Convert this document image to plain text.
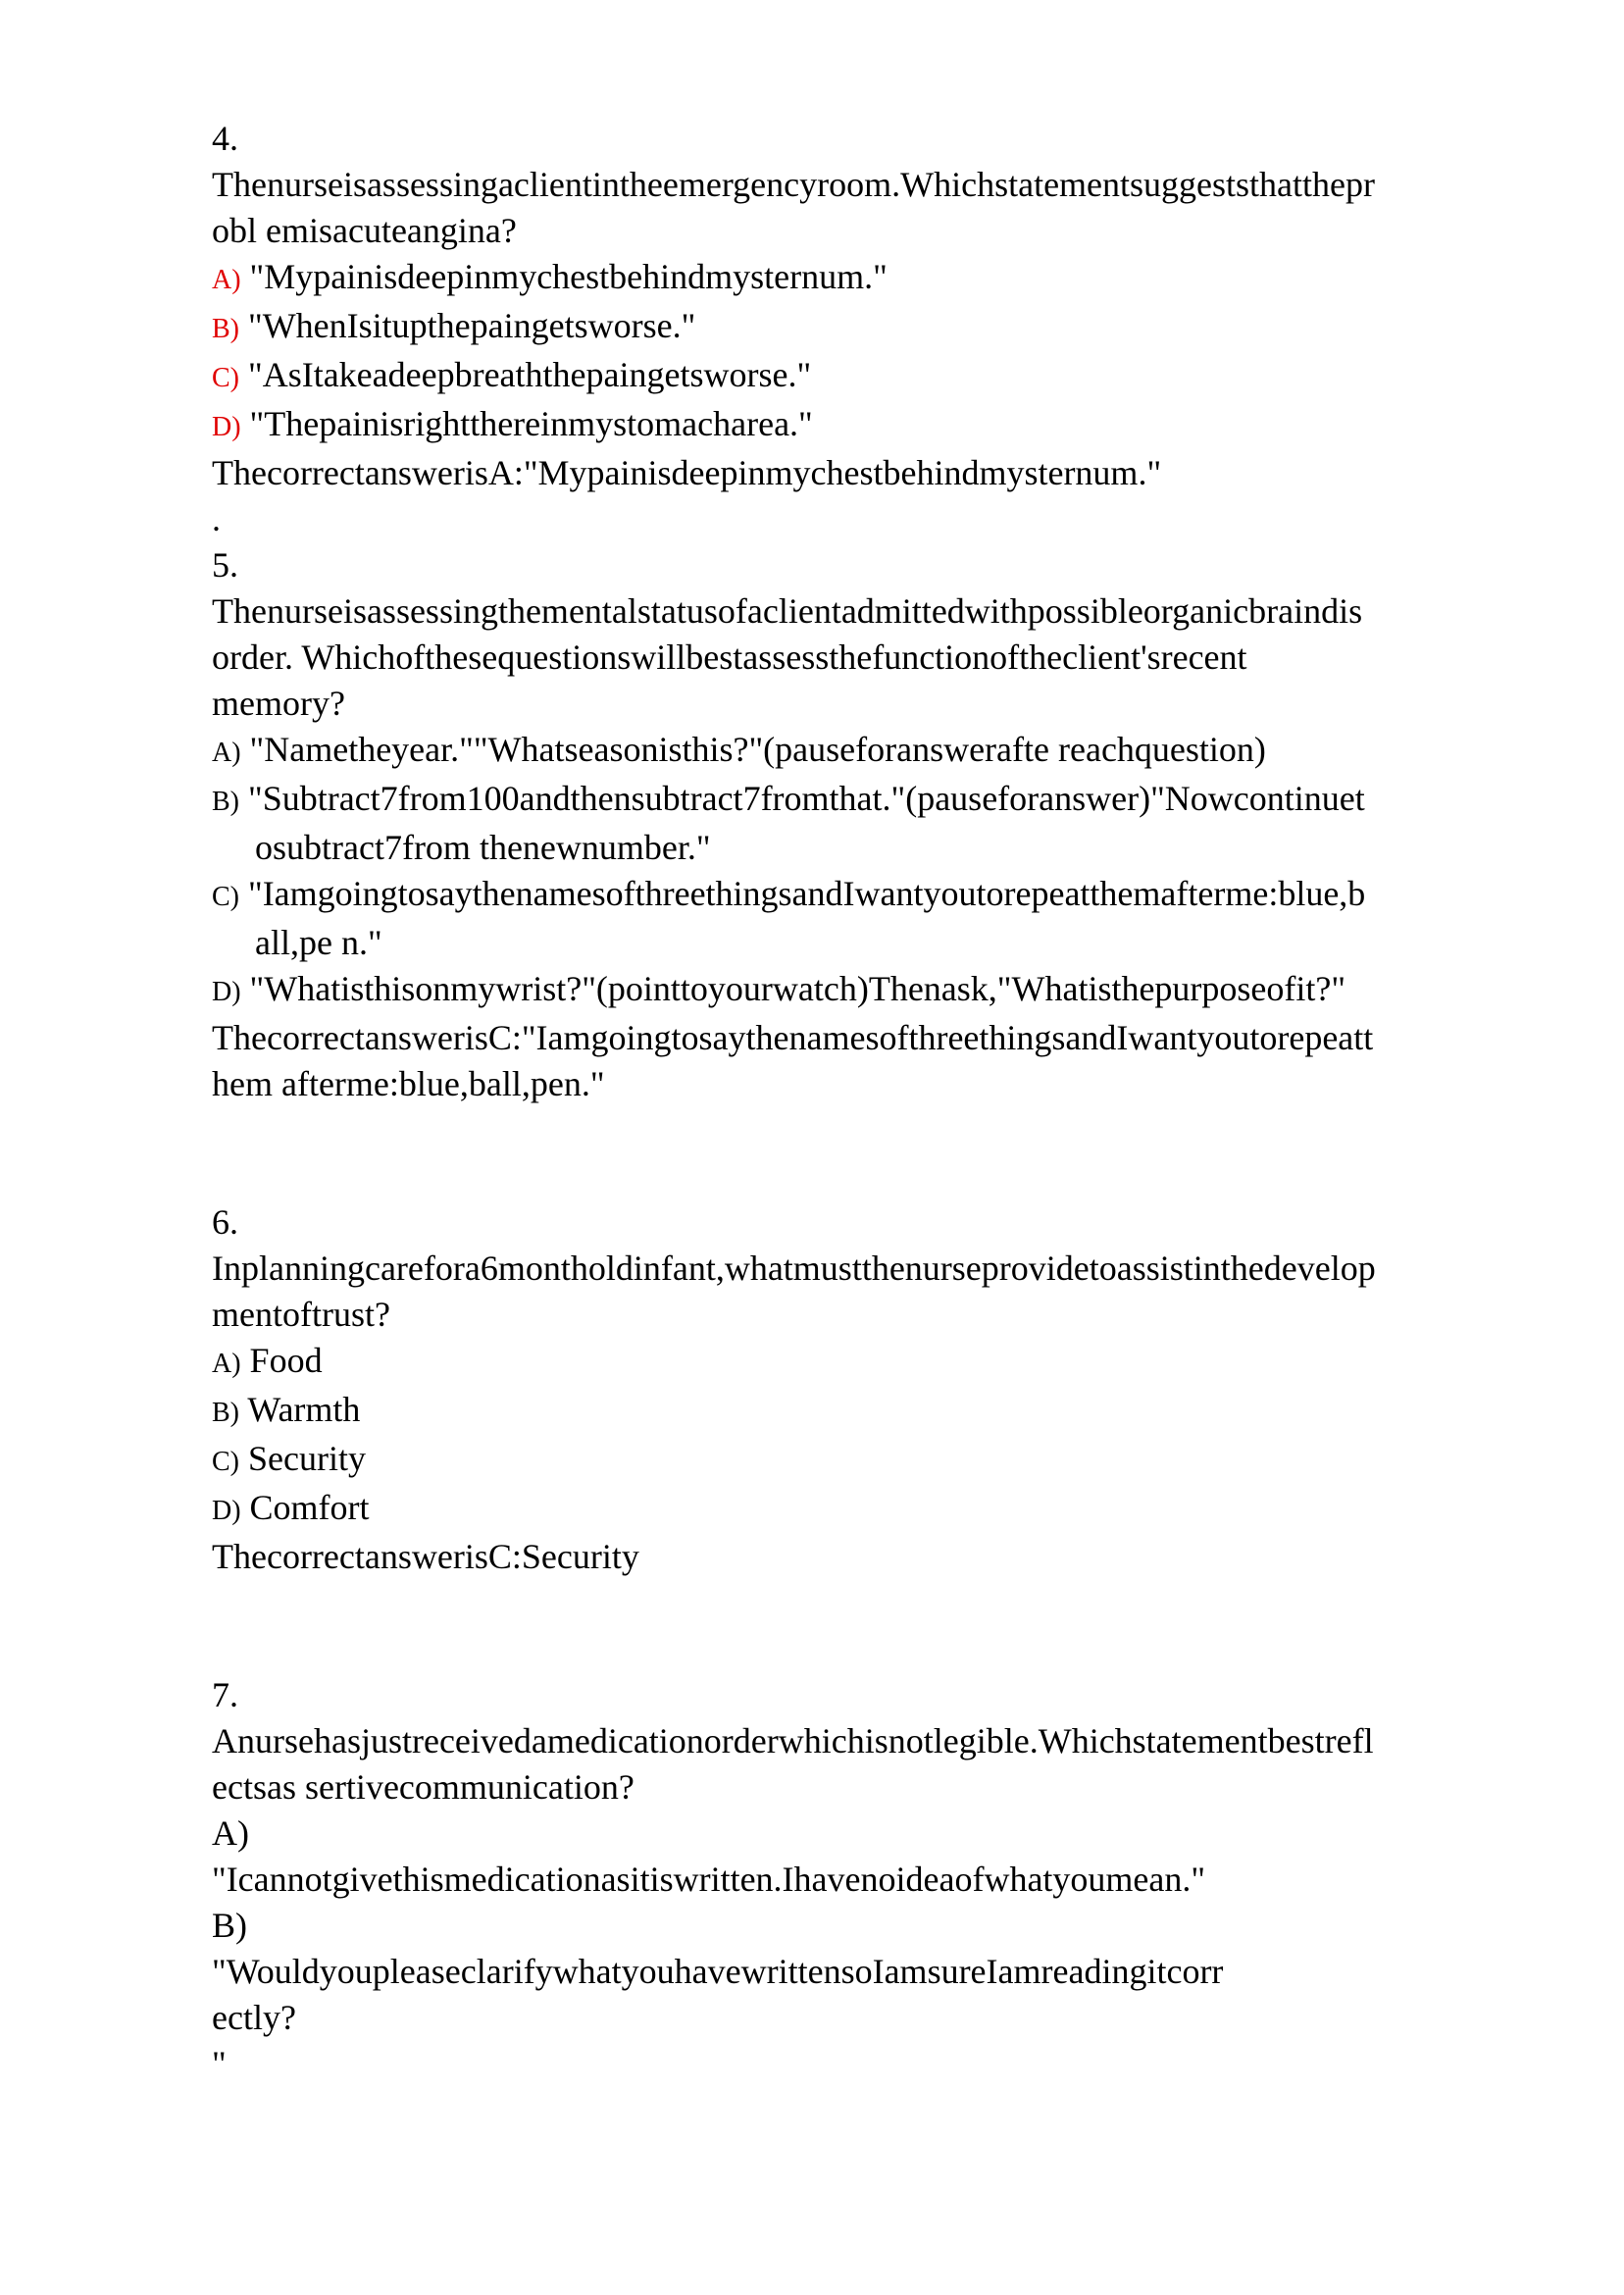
4.
Thenurseisassessingaclientintheemergencyroom.Whichstatementsuggeststhatthepr
obl emisacuteangina?
A) "Mypainisdeepinmychestbehindmysternum."
B) "WhenIsitupthepaingetsworse."
C) "AsItakeadeepbreaththepaingetsworse."
D) "Thepainisrightthereinmystomacharea."
ThecorrectanswerisA:"Mypainisdeepinmychestbehindmysternum."
.
5.
Thenurseisassessingthementalstatusofaclientadmittedwithpossibleorganicbraindis
order. Whichofthesequestionswillbestassessthefunctionoftheclient'srecent
memory?
A) "Nametheyear.""Whatseasonisthis?"(pauseforanswerafte reachquestion)
B) "Subtract7from100andthensubtract7fromthat."(pauseforanswer)"Nowcontinuet
osubtract7from thenewnumber."
C) "IamgoingtosaythenamesofthreethingsandIwantyoutorepeatthemafterme:blue,b
all,pe n."
D) "Whatisthisonmywrist?"(pointtoyourwatch)Thenask,"Whatisthepurposeofit?"
ThecorrectanswerisC:"IamgoingtosaythenamesofthreethingsandIwantyoutorepeatt
hem afterme:blue,ball,pen."
6.
Inplanningcarefora6montholdinfant,whatmustthenurseprovidetoassistinthedevelop
mentoftrust?
A) Food
B) Warmth
C) Security
D) Comfort
ThecorrectanswerisC:Security
7.
Anursehasjustreceivedamedicationorderwhichisnotlegible.Whichstatementbestrefl
ectsas sertivecommunication?
A)
"Icannotgivethismedicationasitiswritten.Ihavenoideaofwhatyoumean."
B)
"WouldyoupleaseclarifywhatyouhavewrittensoIamsureIamreadingitcorr
ectly?
"
